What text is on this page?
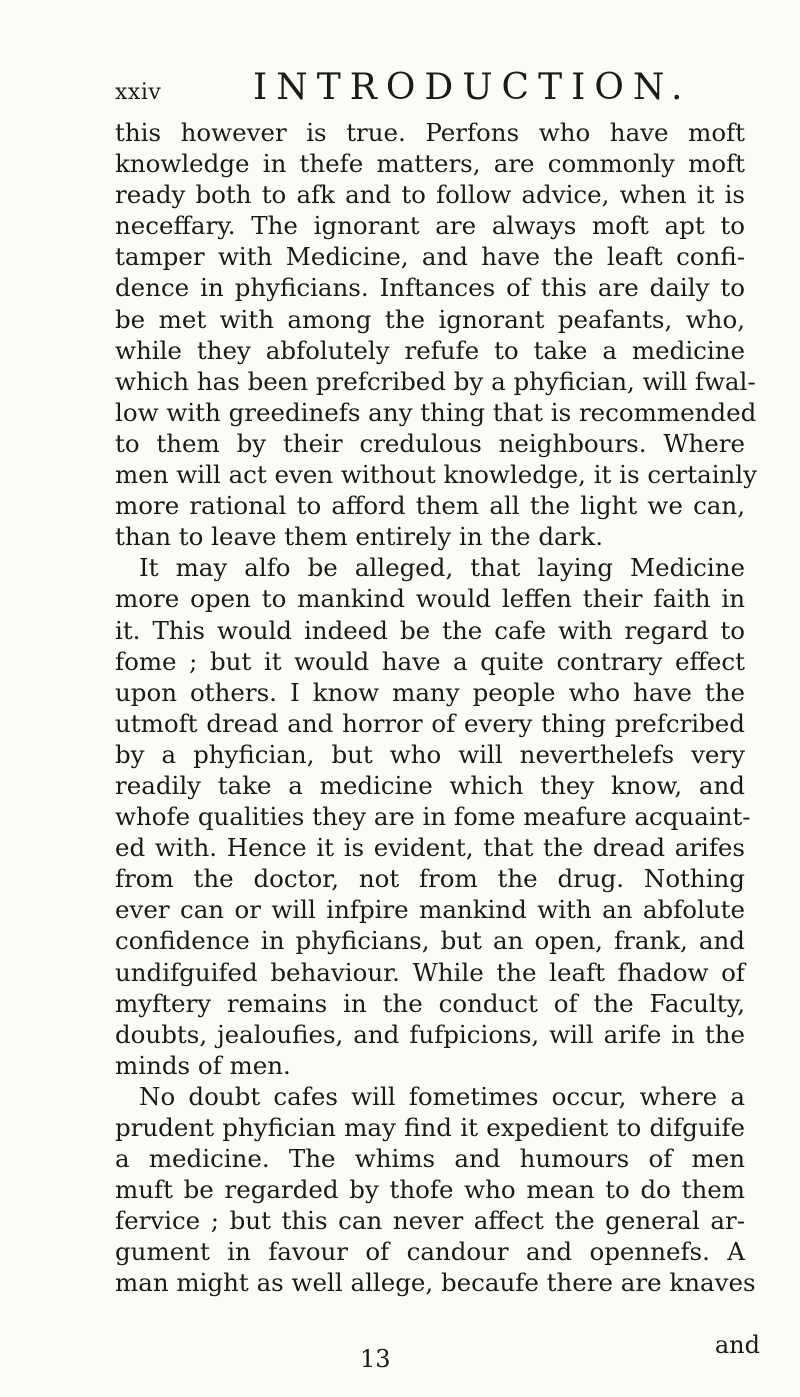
xxiv	INTRODUCTION.
this however is true. Perfons who have moft
knowledge in thefe matters, are commonly moft
ready both to afk and to follow advice, when it is
neceffary. The ignorant are always moft apt to
tamper with Medicine, and have the leaft confi-
dence in phyficians. Inftances of this are daily to
be met with among the ignorant peafants, who,
while they abfolutely refufe to take a medicine
which has been prefcribed by a phyfician, will fwal-
low with greedinefs any thing that is recommended
to them by their credulous neighbours. Where
men will act even without knowledge, it is certainly
more rational to afford them all the light we can,
than to leave them entirely in the dark.
It may alfo be alleged, that laying Medicine
more open to mankind would leffen their faith in
it. This would indeed be the cafe with regard to
fome ; but it would have a quite contrary effect
upon others. I know many people who have the
utmoft dread and horror of every thing prefcribed
by a phyfician, but who will neverthelefs very
readily take a medicine which they know, and
whofe qualities they are in fome meafure acquaint-
ed with. Hence it is evident, that the dread arifes
from the doctor, not from the drug. Nothing
ever can or will infpire mankind with an abfolute
confidence in phyficians, but an open, frank, and
undifguifed behaviour. While the leaft fhadow of
myftery remains in the conduct of the Faculty,
doubts, jealoufies, and fufpicions, will arife in the
minds of men.
No doubt cafes will fometimes occur, where a
prudent phyfician may find it expedient to difguife
a medicine. The whims and humours of men
muft be regarded by thofe who mean to do them
fervice ; but this can never affect the general ar-
gument in favour of candour and opennefs. A
man might as well allege, becaufe there are knaves
13	and
